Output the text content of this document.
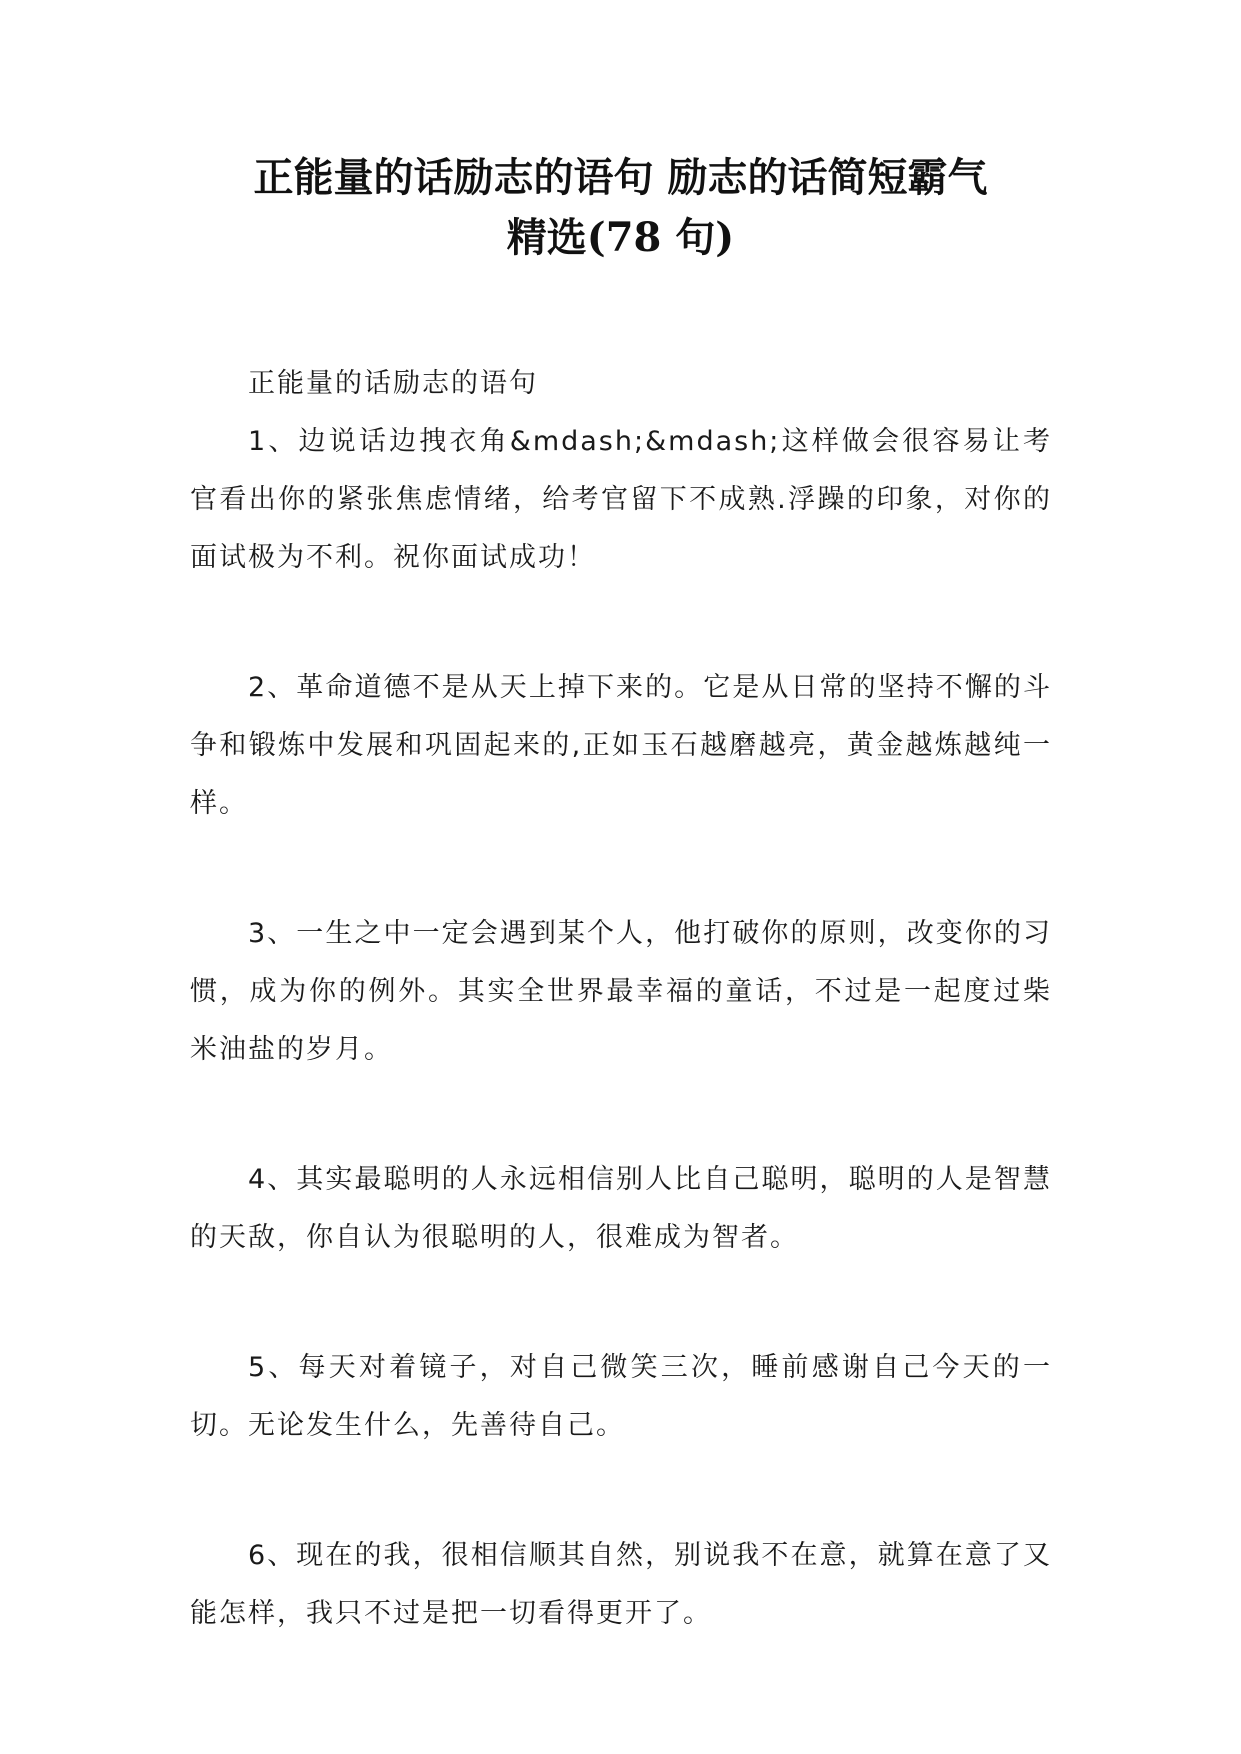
正能量的话励志的语句 励志的话简短霸气
精选(78 句)

正能量的话励志的语句

1、边说话边拽衣角&mdash;&mdash;这样做会很容易让考官看出你的紧张焦虑情绪，给考官留下不成熟.浮躁的印象，对你的面试极为不利。祝你面试成功！

2、革命道德不是从天上掉下来的。它是从日常的坚持不懈的斗争和锻炼中发展和巩固起来的,正如玉石越磨越亮，黄金越炼越纯一样。

3、一生之中一定会遇到某个人，他打破你的原则，改变你的习惯，成为你的例外。其实全世界最幸福的童话，不过是一起度过柴米油盐的岁月。

4、其实最聪明的人永远相信别人比自己聪明，聪明的人是智慧的天敌，你自认为很聪明的人，很难成为智者。

5、每天对着镜子，对自己微笑三次，睡前感谢自己今天的一切。无论发生什么，先善待自己。

6、现在的我，很相信顺其自然，别说我不在意，就算在意了又能怎样，我只不过是把一切看得更开了。
